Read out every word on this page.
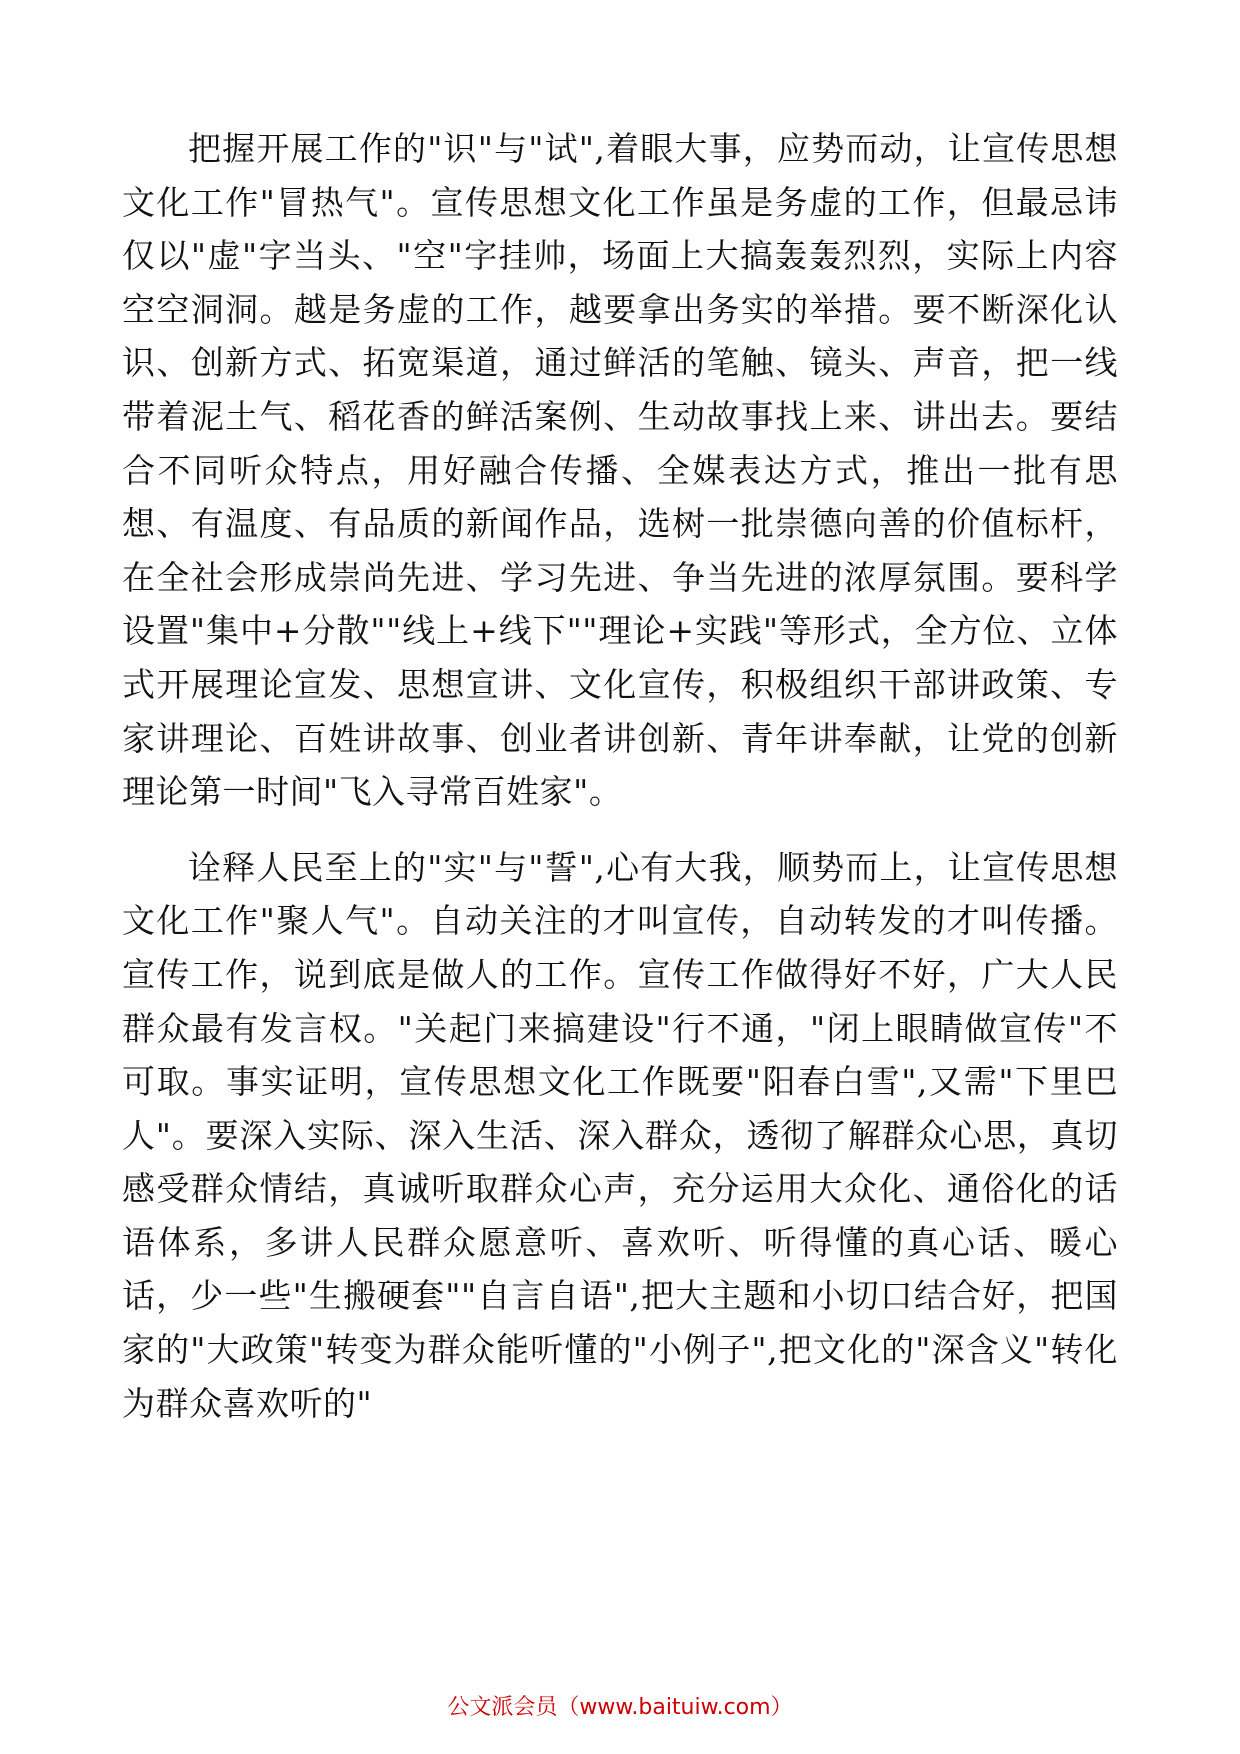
把握开展工作的"识"与"试",着眼大事，应势而动，让宣传思想文化工作"冒热气"。宣传思想文化工作虽是务虚的工作，但最忌讳仅以"虚"字当头、"空"字挂帅，场面上大搞轰轰烈烈，实际上内容空空洞洞。越是务虚的工作，越要拿出务实的举措。要不断深化认识、创新方式、拓宽渠道，通过鲜活的笔触、镜头、声音，把一线带着泥土气、稻花香的鲜活案例、生动故事找上来、讲出去。要结合不同听众特点，用好融合传播、全媒表达方式，推出一批有思想、有温度、有品质的新闻作品，选树一批崇德向善的价值标杆，在全社会形成崇尚先进、学习先进、争当先进的浓厚氛围。要科学设置"集中+分散""线上+线下""理论+实践"等形式，全方位、立体式开展理论宣发、思想宣讲、文化宣传，积极组织干部讲政策、专家讲理论、百姓讲故事、创业者讲创新、青年讲奉献，让党的创新理论第一时间"飞入寻常百姓家"。

诠释人民至上的"实"与"誓",心有大我，顺势而上，让宣传思想文化工作"聚人气"。自动关注的才叫宣传，自动转发的才叫传播。宣传工作，说到底是做人的工作。宣传工作做得好不好，广大人民群众最有发言权。"关起门来搞建设"行不通，"闭上眼睛做宣传"不可取。事实证明，宣传思想文化工作既要"阳春白雪",又需"下里巴人"。要深入实际、深入生活、深入群众，透彻了解群众心思，真切感受群众情结，真诚听取群众心声，充分运用大众化、通俗化的话语体系，多讲人民群众愿意听、喜欢听、听得懂的真心话、暖心话，少一些"生搬硬套""自言自语",把大主题和小切口结合好，把国家的"大政策"转变为群众能听懂的"小例子",把文化的"深含义"转化为群众喜欢听的"

公文派会员（www.baituiw.com）
